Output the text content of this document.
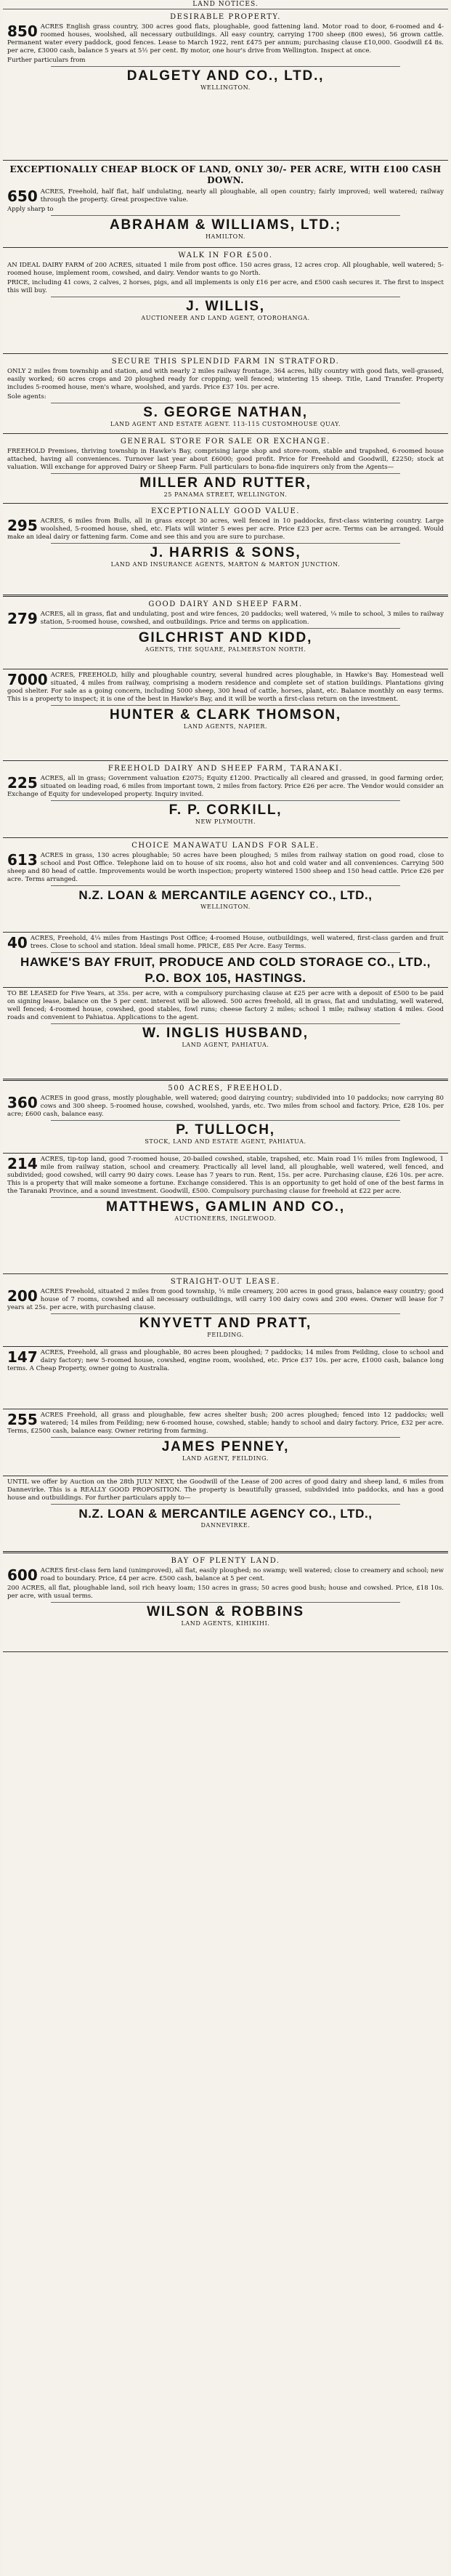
LAND NOTICES.
DESIRABLE PROPERTY.
850 ACRES English grass country, 300 acres good flats, ploughable, good fattening land. Motor road to door, 6-roomed and 4-roomed houses, woolshed, all necessary outbuildings. All easy country, carrying 1700 sheep (800 ewes), 56 grown cattle. Permanent water every paddock, good fences. Lease to March 1922, rent £475 per annum; purchasing clause £10,000. Goodwill £4 8s. per acre, £3000 cash, balance 5 years at 5½ per cent. By motor, one hour's drive from Wellington. Inspect at once.

Further particulars from

DALGETY AND CO., LTD.,
WELLINGTON.
EXCEPTIONALLY CHEAP BLOCK OF LAND, ONLY 30/- PER ACRE, WITH £100 CASH DOWN.
650 ACRES, Freehold, half flat, half undulating, nearly all ploughable, all open country; fairly improved; well watered; railway through the property. Great prospective value.

Apply sharp to

ABRAHAM & WILLIAMS, LTD.;
HAMILTON.
WALK IN FOR £500.

AN IDEAL DAIRY FARM of 200 ACRES, situated 1 mile from post office. 150 acres grass, 12 acres crop. All ploughable, well watered; 5-roomed house, implement room, cowshed, and dairy. Vendor wants to go North.

PRICE, including 41 cows, 2 calves, 2 horses, pigs, and all implements is only £16 per acre, and £500 cash secures it. The first to inspect this will buy.

J. WILLIS,
AUCTIONEER AND LAND AGENT, OTOROHANGA.
SECURE THIS SPLENDID FARM IN STRATFORD.

ONLY 2 miles from township and station, and with nearly 2 miles railway frontage, 364 acres, hilly country with good flats, well-grassed, easily worked; 60 acres crops and 20 ploughed ready for cropping; well fenced; wintering 15 sheep. Title, Land Transfer. Property includes 5-roomed house, men's whare, woolshed, and yards. Price £37 10s. per acre.

Sole agents:

S. GEORGE NATHAN,
LAND AGENT AND ESTATE AGENT. 113-115 CUSTOMHOUSE QUAY.
GENERAL STORE FOR SALE OR EXCHANGE.

FREEHOLD Premises, thriving township in Hawke's Bay, comprising large shop and store-room, stable and trapshed, 6-roomed house attached, having all conveniences. Turnover last year about £6000; good profit. Price for Freehold and Goodwill, £2250; stock at valuation. Will exchange for approved Dairy or Sheep Farm. Full particulars to bona-fide inquirers only from the Agents—

MILLER AND RUTTER,
25 PANAMA STREET, WELLINGTON.
EXCEPTIONALLY GOOD VALUE.
295 ACRES, 6 miles from Bulls, all in grass except 30 acres, well fenced in 10 paddocks, first-class wintering country. Large woolshed, 5-roomed house, shed, etc. Flats will winter 5 ewes per acre. Price £23 per acre. Terms can be arranged. Would make an ideal dairy or fattening farm. Come and see this and you are sure to purchase.

J. HARRIS & SONS,
LAND AND INSURANCE AGENTS, MARTON & MARTON JUNCTION.
GOOD DAIRY AND SHEEP FARM.
279 ACRES, all in grass, flat and undulating, post and wire fences, 20 paddocks; well watered, ¼ mile to school, 3 miles to railway station, 5-roomed house, cowshed, and outbuildings. Price and terms on application.

GILCHRIST AND KIDD,
AGENTS, THE SQUARE, PALMERSTON NORTH.
7000 ACRES, FREEHOLD, hilly and ploughable country, several hundred acres ploughable, in Hawke's Bay. Homestead well situated, 4 miles from railway, comprising a modern residence and complete set of station buildings. Plantations giving good shelter. For sale as a going concern, including 5000 sheep, 300 head of cattle, horses, plant, etc. Balance monthly on easy terms. This is a property to inspect; it is one of the best in Hawke's Bay, and it will be worth a first-class return on the investment.

HUNTER & CLARK THOMSON,
LAND AGENTS, NAPIER.
FREEHOLD DAIRY AND SHEEP FARM, TARANAKI.
225 ACRES, all in grass; Government valuation £2075; Equity £1200. Practically all cleared and grassed, in good farming order, situated on leading road, 6 miles from important town, 2 miles from factory. Price £26 per acre. The Vendor would consider an Exchange of Equity for undeveloped property. Inquiry invited.

F. P. CORKILL,
NEW PLYMOUTH.
CHOICE MANAWATU LANDS FOR SALE.
613 ACRES in grass, 130 acres ploughable; 50 acres have been ploughed; 5 miles from railway station on good road, close to school and Post Office. Telephone laid on to house of six rooms, also hot and cold water and all conveniences. Carrying 500 sheep and 80 head of cattle. Improvements would be worth inspection; property wintered 1500 sheep and 150 head cattle. Price £26 per acre. Terms arranged.

N.Z. LOAN & MERCANTILE AGENCY CO., LTD.,
WELLINGTON.
40 ACRES, Freehold, 4¼ miles from Hastings Post Office; 4-roomed House, outbuildings, well watered, first-class garden and fruit trees. Close to school and station. Ideal small home. PRICE, £85 Per Acre. Easy Terms.

HAWKE'S BAY FRUIT, PRODUCE AND COLD STORAGE CO., LTD., P.O. BOX 105, HASTINGS.

TO BE LEASED for Five Years, at 35s. per acre, with a compulsory purchasing clause at £25 per acre with a deposit of £500 to be paid on signing lease, balance on the 5 per cent. interest will be allowed. 500 acres freehold, all in grass, flat and undulating, well watered, well fenced; 4-roomed house, cowshed, good stables, fowl runs; cheese factory 2 miles; school 1 mile; railway station 4 miles. Good roads and convenient to Pahiatua. Applications to the agent.

W. INGLIS HUSBAND,
LAND AGENT, PAHIATUA.
500 ACRES, FREEHOLD.
360 ACRES in good grass, mostly ploughable, well watered; good dairying country; subdivided into 10 paddocks; now carrying 80 cows and 300 sheep. 5-roomed house, cowshed, woolshed, yards, etc. Two miles from school and factory. Price, £28 10s. per acre; £600 cash, balance easy.

P. TULLOCH,
STOCK, LAND AND ESTATE AGENT, PAHIATUA.
214 ACRES, tip-top land, good 7-roomed house, 20-bailed cowshed, stable, trapshed, etc. Main road 1½ miles from Inglewood, 1 mile from railway station, school and creamery. Practically all level land, all ploughable, well watered, well fenced, and subdivided; good cowshed, will carry 90 dairy cows. Lease has 7 years to run. Rent, 15s. per acre. Purchasing clause, £26 10s. per acre. This is a property that will make someone a fortune. Exchange considered. This is an opportunity to get hold of one of the best farms in the Taranaki Province, and a sound investment. Goodwill, £500. Compulsory purchasing clause for freehold at £22 per acre.

MATTHEWS, GAMLIN AND CO.,
AUCTIONEERS, INGLEWOOD.
STRAIGHT-OUT LEASE.
200 ACRES Freehold, situated 2 miles from good township, ¼ mile creamery, 200 acres in good grass, balance easy country; good house of 7 rooms, cowshed and all necessary outbuildings, will carry 100 dairy cows and 200 ewes. Owner will lease for 7 years at 25s. per acre, with purchasing clause.

KNYVETT AND PRATT,
FEILDING.
147 ACRES, Freehold, all grass and ploughable, 80 acres been ploughed; 7 paddocks; 14 miles from Feilding, close to school and dairy factory; new 5-roomed house, cowshed, engine room, woolshed, etc. Price £37 10s. per acre, £1000 cash, balance long terms. A Cheap Property, owner going to Australia.

255 ACRES Freehold, all grass and ploughable, few acres shelter bush; 200 acres ploughed; fenced into 12 paddocks; well watered; 14 miles from Feilding; new 6-roomed house, cowshed, stable; handy to school and dairy factory. Price, £32 per acre. Terms, £2500 cash, balance easy. Owner retiring from farming.

JAMES PENNEY,
LAND AGENT, FEILDING.

UNTIL we offer by Auction on the 28th JULY NEXT, the Goodwill of the Lease of 200 acres of good dairy and sheep land, 6 miles from Dannevirke. This is a REALLY GOOD PROPOSITION. The property is beautifully grassed, subdivided into paddocks, and has a good house and outbuildings. For further particulars apply to—

N.Z. LOAN & MERCANTILE AGENCY CO., LTD.,
DANNEVIRKE.
BAY OF PLENTY LAND.
600 ACRES first-class fern land (unimproved), all flat, easily ploughed; no swamp; well watered; close to creamery and school; new road to boundary. Price, £4 per acre. £500 cash, balance at 5 per cent.

200 ACRES, all flat, ploughable land, soil rich heavy loam; 150 acres in grass; 50 acres good bush; house and cowshed. Price, £18 10s. per acre, with usual terms.

WILSON & ROBBINS
LAND AGENTS, KIHIKIHI.
